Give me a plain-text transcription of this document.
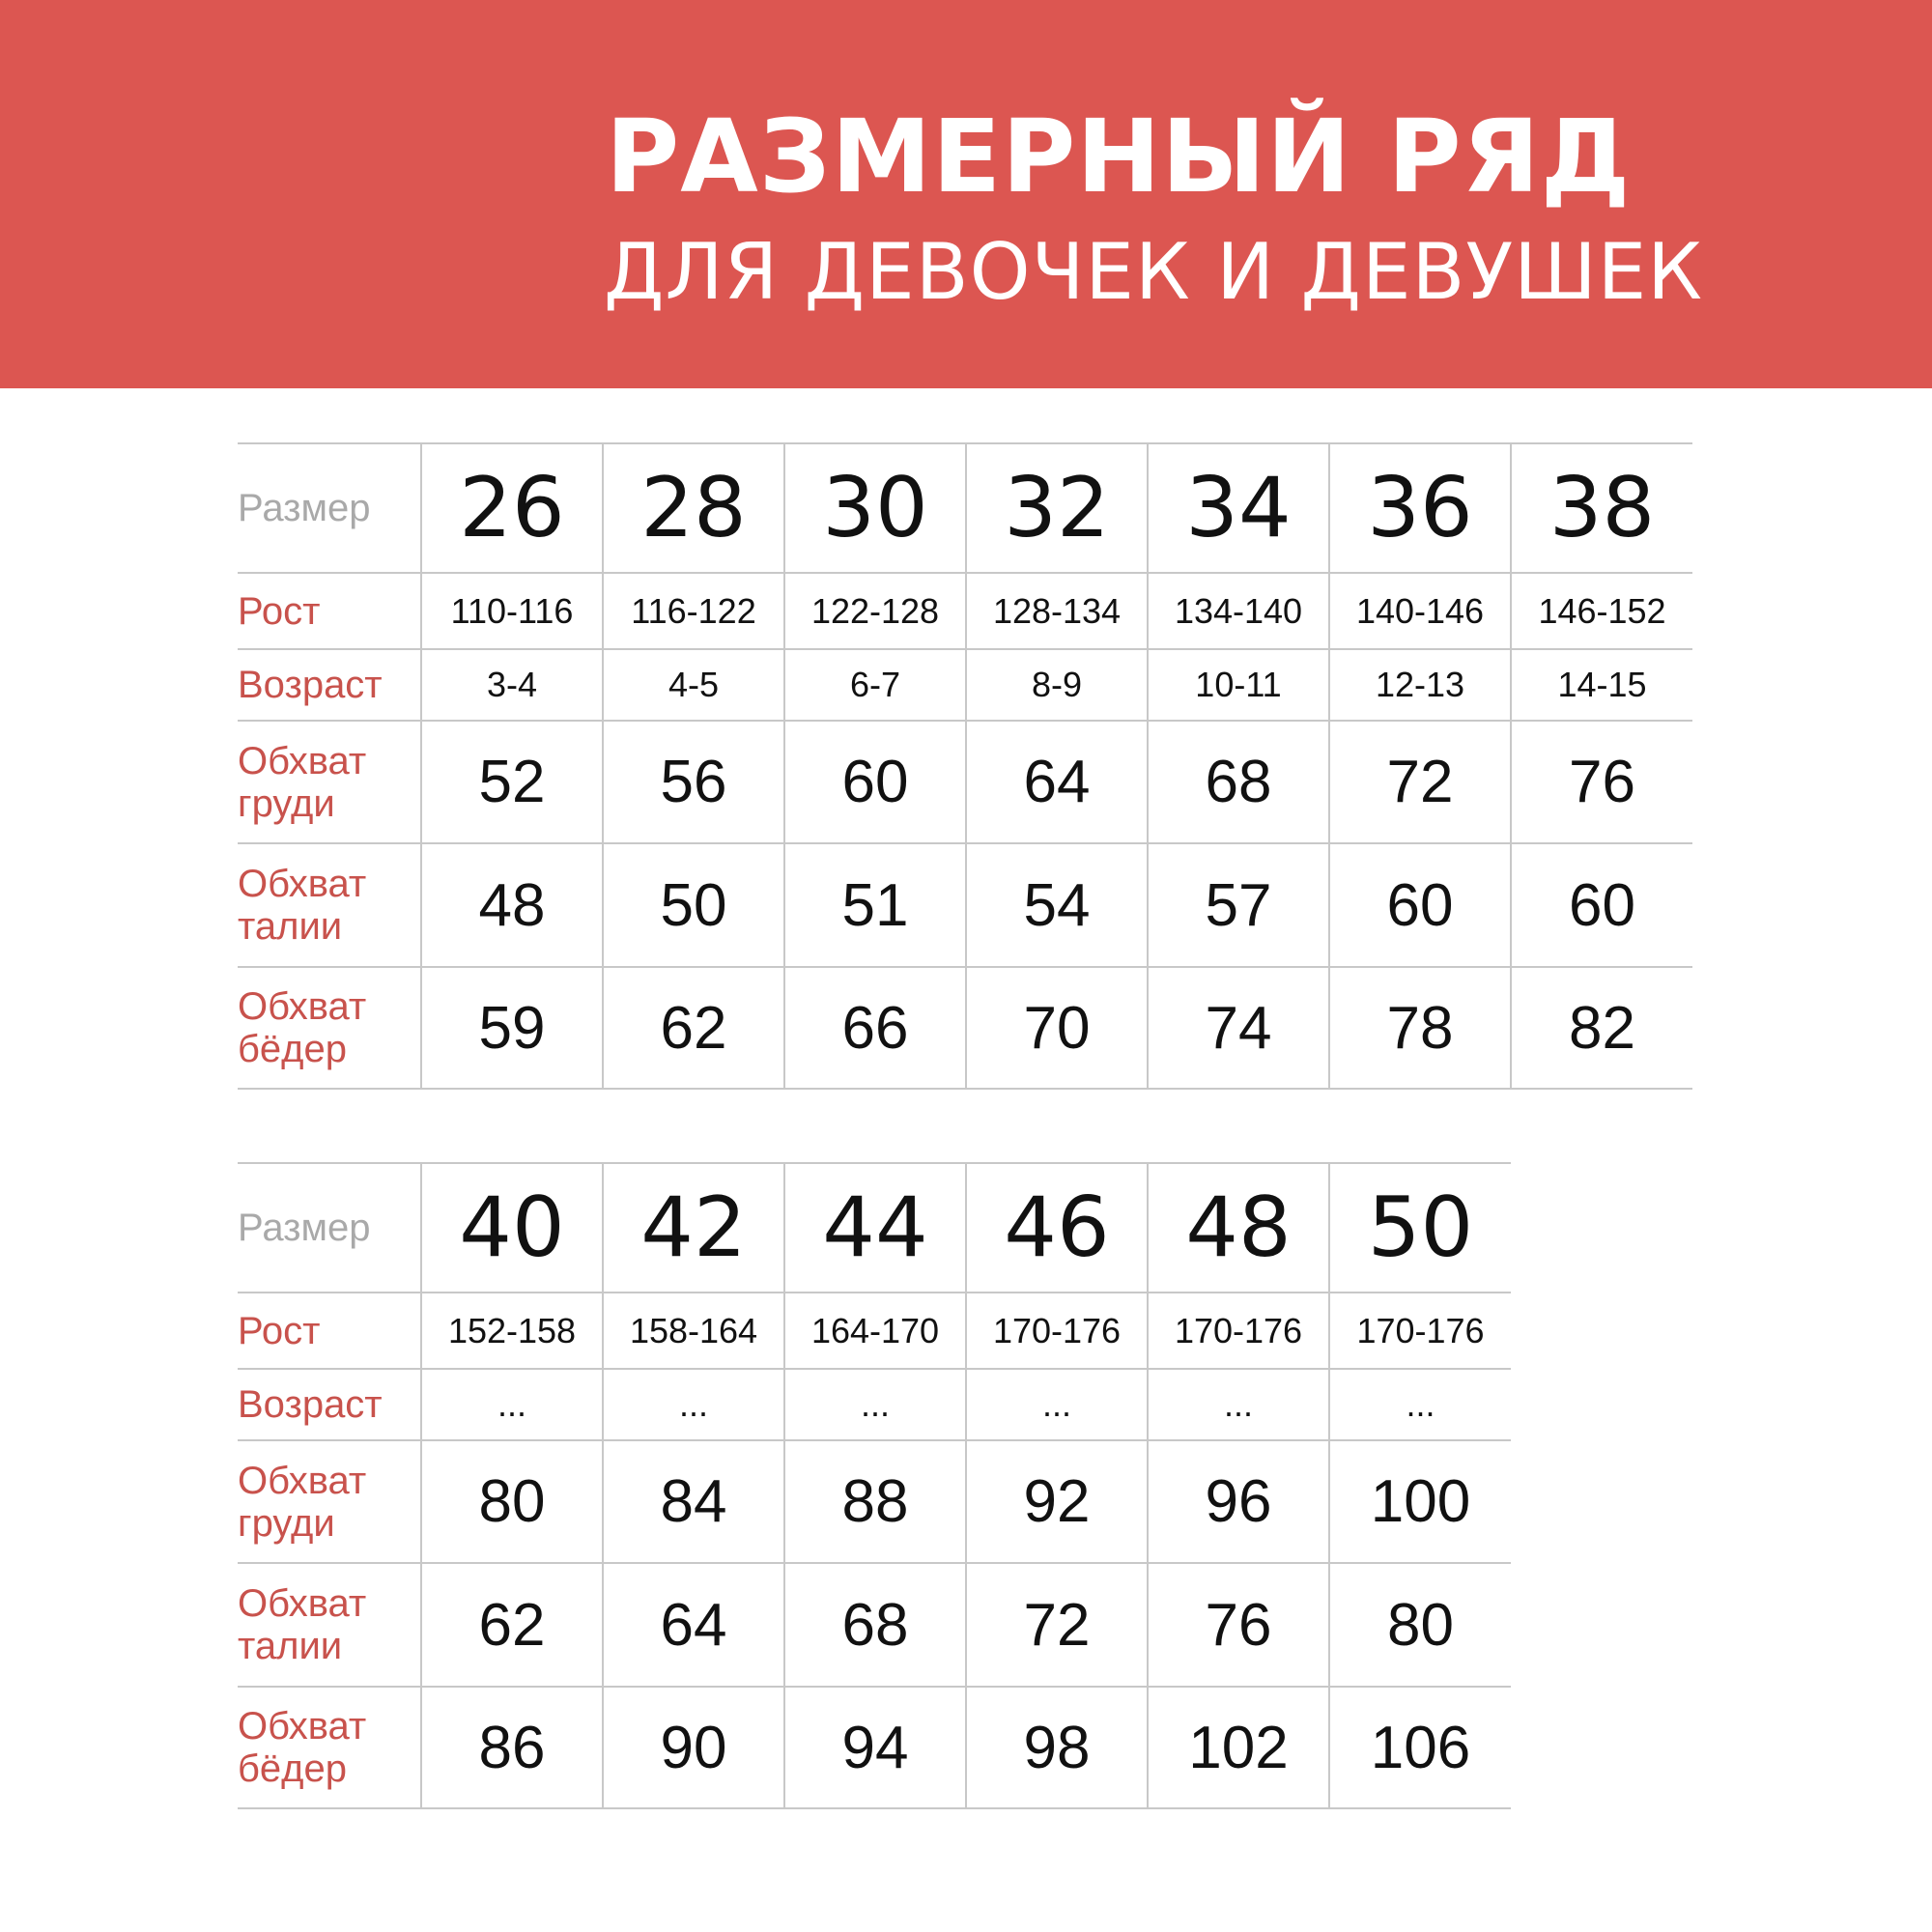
РАЗМЕРНЫЙ РЯД
ДЛЯ ДЕВОЧЕК И ДЕВУШЕК
Размер	26	28	30	32	34	36	38
Рост	110-116	116-122	122-128	128-134	134-140	140-146	146-152
Возраст	3-4	4-5	6-7	8-9	10-11	12-13	14-15
Обхват груди	52	56	60	64	68	72	76
Обхват талии	48	50	51	54	57	60	60
Обхват бёдер	59	62	66	70	74	78	82
Размер	40	42	44	46	48	50
Рост	152-158	158-164	164-170	170-176	170-176	170-176
Возраст	...	...	...	...	...	...
Обхват груди	80	84	88	92	96	100
Обхват талии	62	64	68	72	76	80
Обхват бёдер	86	90	94	98	102	106
